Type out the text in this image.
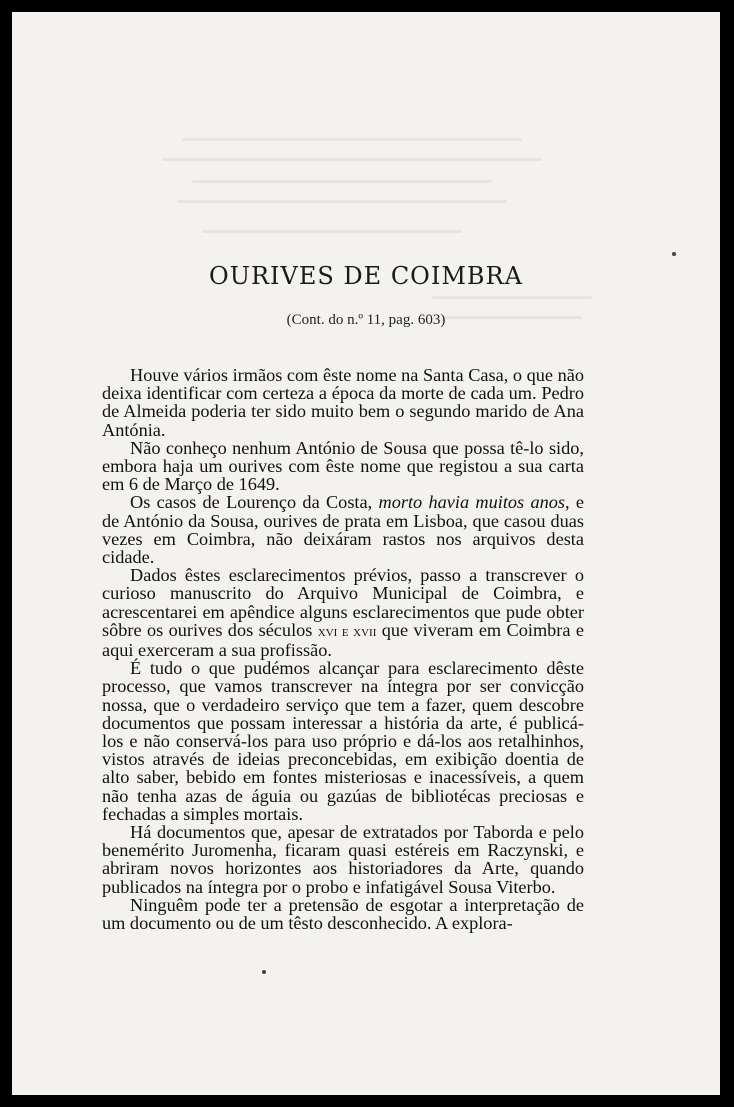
OURIVES DE COIMBRA
(Cont. do n.º 11, pag. 603)

Houve vários irmãos com êste nome na Santa Casa, o que não deixa identificar com certeza a época da morte de cada um. Pedro de Almeida poderia ter sido muito bem o segundo marido de Ana Antónia.

Não conheço nenhum António de Sousa que possa tê-lo sido, embora haja um ourives com êste nome que registou a sua carta em 6 de Março de 1649.

Os casos de Lourenço da Costa, morto havia muitos anos, e de António da Sousa, ourives de prata em Lisboa, que casou duas vezes em Coimbra, não deixáram rastos nos arquivos desta cidade.

Dados êstes esclarecimentos prévios, passo a transcrever o curioso manuscrito do Arquivo Municipal de Coimbra, e acrescentarei em apêndice alguns esclarecimentos que pude obter sôbre os ourives dos séculos xvi e xvii que viveram em Coimbra e aqui exerceram a sua profissão.

É tudo o que pudémos alcançar para esclarecimento dêste processo, que vamos transcrever na íntegra por ser convicção nossa, que o verdadeiro serviço que tem a fazer, quem descobre documentos que possam interessar a história da arte, é publicá-los e não conservá-los para uso próprio e dá-los aos retalhinhos, vistos através de ideias preconcebidas, em exibição doentia de alto saber, bebido em fontes misteriosas e inacessíveis, a quem não tenha azas de águia ou gazúas de bibliotécas preciosas e fechadas a simples mortais.

Há documentos que, apesar de extratados por Taborda e pelo benemérito Juromenha, ficaram quasi estéreis em Raczynski, e abriram novos horizontes aos historiadores da Arte, quando publicados na íntegra por o probo e infatigável Sousa Viterbo.

Ninguêm pode ter a pretensão de esgotar a interpretação de um documento ou de um têsto desconhecido. A explora-
